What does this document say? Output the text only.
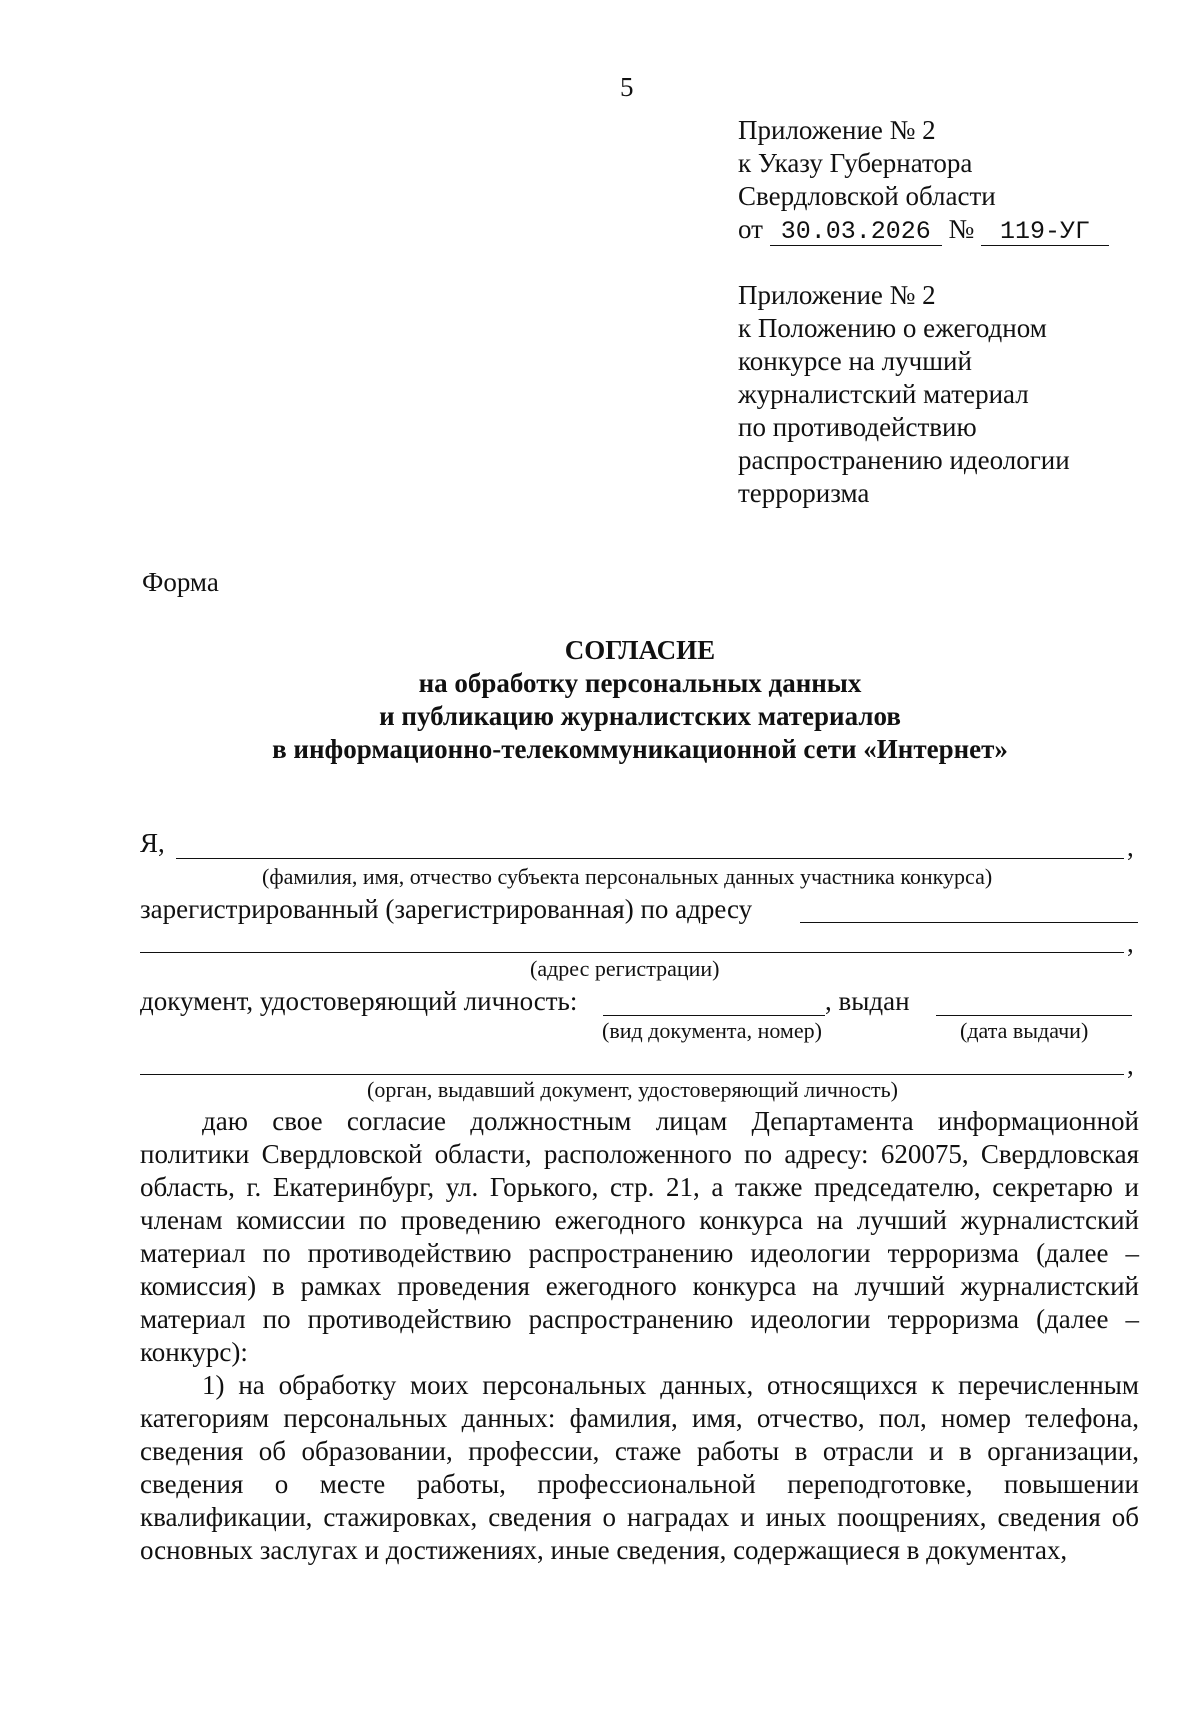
5
Приложение № 2
к Указу Губернатора
Свердловской области
от 30.03.2026 № 119-УГ
Приложение № 2
к Положению о ежегодном
конкурсе на лучший
журналистский материал
по противодействию
распространению идеологии
терроризма
Форма
СОГЛАСИЕ
на обработку персональных данных
и публикацию журналистских материалов
в информационно-телекоммуникационной сети «Интернет»
Я,	,
(фамилия, имя, отчество субъекта персональных данных участника конкурса)
зарегистрированный (зарегистрированная) по адресу
,
(адрес регистрации)
документ, удостоверяющий личность:	, выдан
(вид документа, номер)	(дата выдачи)
,
(орган, выдавший документ, удостоверяющий личность)

даю свое согласие должностным лицам Департамента информационной политики Свердловской области, расположенного по адресу: 620075, Свердловская область, г. Екатеринбург, ул. Горького, стр. 21, а также председателю, секретарю и членам комиссии по проведению ежегодного конкурса на лучший журналистский материал по противодействию распространению идеологии терроризма (далее – комиссия) в рамках проведения ежегодного конкурса на лучший журналистский материал по противодействию распространению идеологии терроризма (далее – конкурс):

1) на обработку моих персональных данных, относящихся к перечисленным категориям персональных данных: фамилия, имя, отчество, пол, номер телефона, сведения об образовании, профессии, стаже работы в отрасли и в организации, сведения о месте работы, профессиональной переподготовке, повышении квалификации, стажировках, сведения о наградах и иных поощрениях, сведения об основных заслугах и достижениях, иные сведения, содержащиеся в документах,
